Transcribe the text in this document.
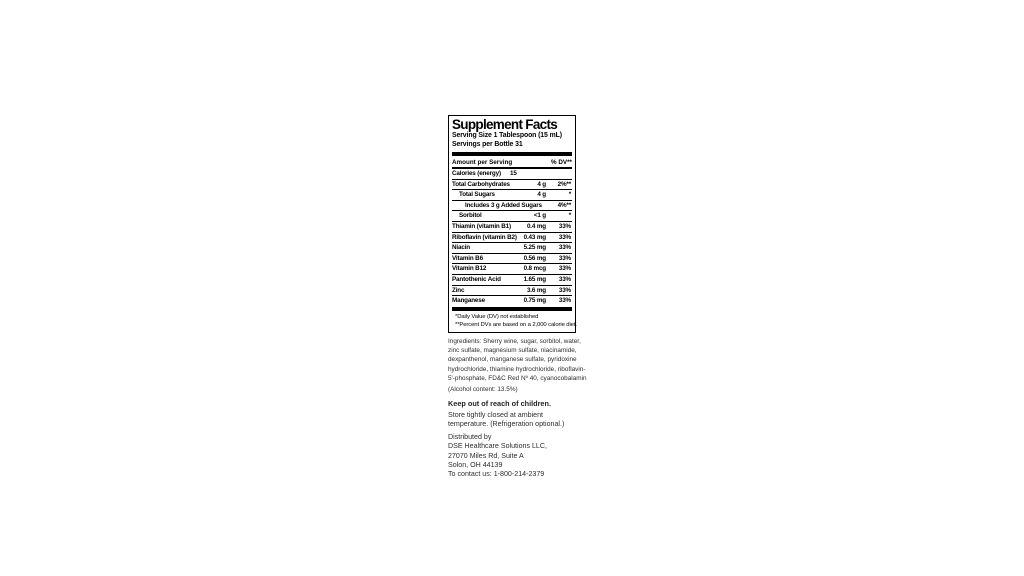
Supplement Facts
Serving Size 1 Tablespoon (15 mL)
Servings per Bottle 31
Amount per Serving	% DV**
Calories (energy) 15
Total Carbohydrates	4 g 2%**
Total Sugars	4 g	*
Includes 3 g Added Sugars	4%**
Sorbitol	<1 g	*
Thiamin (vitamin B1)	0.4 mg 33%
Riboflavin (vitamin B2) 0.43 mg 33%
Niacin	5.25 mg 33%
Vitamin B6	0.56 mg 33%
Vitamin B12	0.8 mcg 33%
Pantothenic Acid	1.65 mg 33%
Zinc	3.6 mg 33%
Manganese	0.75 mg 33%
*Daily Value (DV) not established
**Percent DVs are based on a 2,000 calorie diet.
Ingredients: Sherry wine, sugar, sorbitol, water,
zinc sulfate, magnesium sulfate, niacinamide,
dexpanthenol, manganese sulfate, pyridoxine
hydrochloride, thiamine hydrochloride, riboflavin-
5'-phosphate, FD&C Red Nº 40, cyanocobalamin
(Alcohol content: 13.5%)
Keep out of reach of children.
Store tightly closed at ambient
temperature. (Refrigeration optional.)
Distributed by
DSE Healthcare Solutions LLC,
27070 Miles Rd, Suite A
Solon, OH 44139
To contact us: 1-800-214-2379
